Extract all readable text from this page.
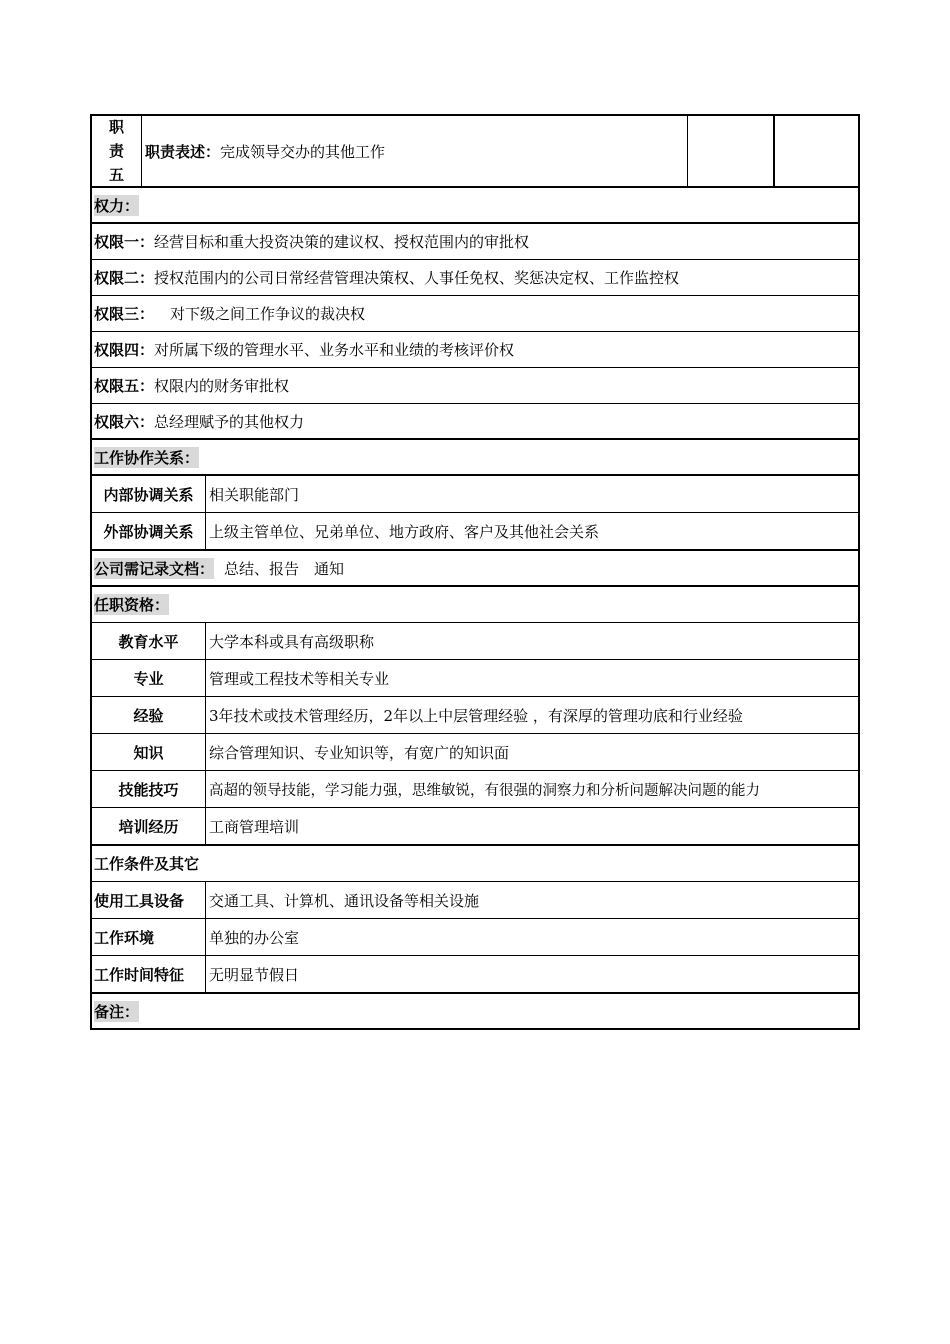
职
责
五
职责表述： 完成领导交办的其他工作
权力：
权限一： 经营目标和重大投资决策的建议权、授权范围内的审批权
权限二： 授权范围内的公司日常经营管理决策权、人事任免权、奖惩决定权、工作监控权
权限三： 对下级之间工作争议的裁决权
权限四： 对所属下级的管理水平、业务水平和业绩的考核评价权
权限五： 权限内的财务审批权
权限六： 总经理赋予的其他权力
工作协作关系：
内部协调关系	相关职能部门
外部协调关系	上级主管单位、兄弟单位、地方政府、客户及其他社会关系
公司需记录文档： 总结、报告　通知
任职资格：
教育水平	大学本科或具有高级职称
专业	管理或工程技术等相关专业
经验	3年技术或技术管理经历，2年以上中层管理经验 ，有深厚的管理功底和行业经验
知识	综合管理知识、专业知识等，有宽广的知识面
技能技巧	高超的领导技能，学习能力强，思维敏锐，有很强的洞察力和分析问题解决问题的能力
培训经历	工商管理培训
工作条件及其它
使用工具设备	交通工具、计算机、通讯设备等相关设施
工作环境	单独的办公室
工作时间特征	无明显节假日
备注：
